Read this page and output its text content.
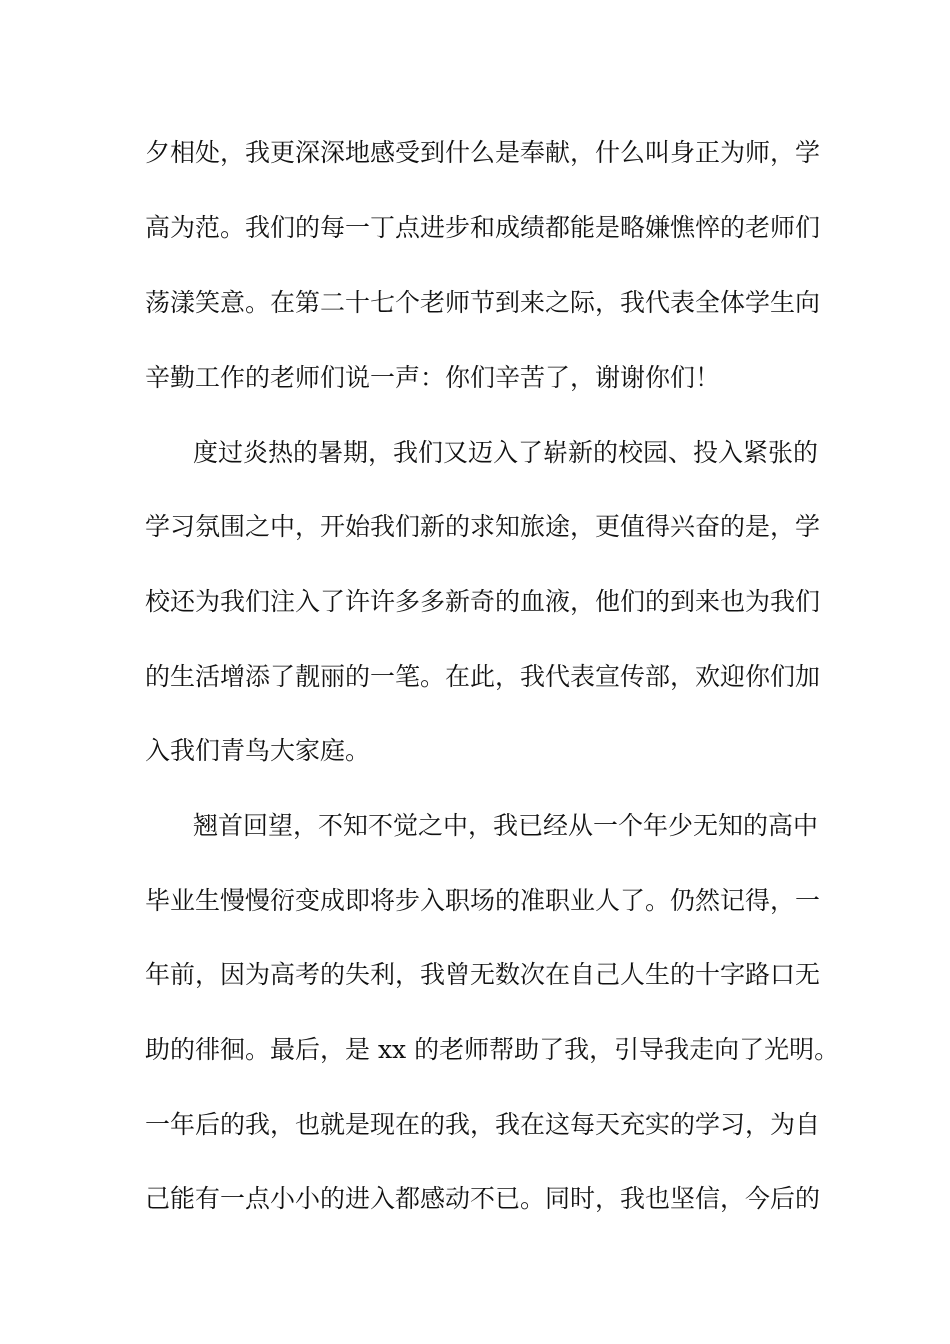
夕相处，我更深深地感受到什么是奉献，什么叫身正为师，学
高为范。我们的每一丁点进步和成绩都能是略嫌憔悴的老师们
荡漾笑意。在第二十七个老师节到来之际，我代表全体学生向
辛勤工作的老师们说一声：你们辛苦了，谢谢你们！
度过炎热的暑期，我们又迈入了崭新的校园、投入紧张的
学习氛围之中，开始我们新的求知旅途，更值得兴奋的是，学
校还为我们注入了许许多多新奇的血液，他们的到来也为我们
的生活增添了靓丽的一笔。在此，我代表宣传部，欢迎你们加
入我们青鸟大家庭。
翘首回望，不知不觉之中，我已经从一个年少无知的高中
毕业生慢慢衍变成即将步入职场的准职业人了。仍然记得，一
年前，因为高考的失利，我曾无数次在自己人生的十字路口无
助的徘徊。最后，是 xx 的老师帮助了我，引导我走向了光明。
一年后的我，也就是现在的我，我在这每天充实的学习，为自
己能有一点小小的进入都感动不已。同时，我也坚信，今后的
